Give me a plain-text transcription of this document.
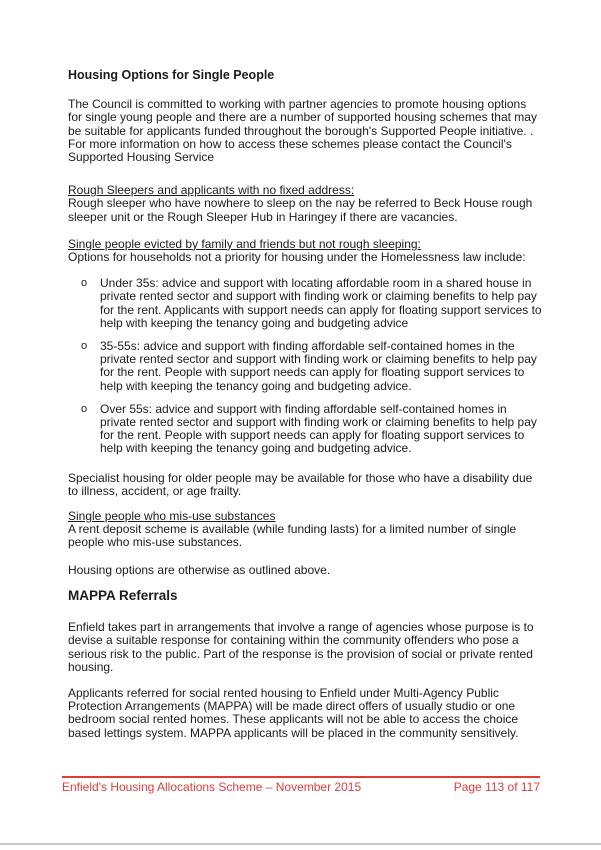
Housing Options for Single People

The Council is committed to working with partner agencies to promote housing options for single young people and there are a number of supported housing schemes that may be suitable for applicants funded throughout the borough's Supported People initiative. . For more information on how to access these schemes please contact the Council's Supported Housing Service

Rough Sleepers and applicants with no fixed address:
Rough sleeper who have nowhere to sleep on the nay be referred to Beck House rough sleeper unit or the Rough Sleeper Hub in Haringey if there are vacancies.
Single people evicted by family and friends but not rough sleeping:
Options for households not a priority for housing under the Homelessness law include:
o	Under 35s: advice and support with locating affordable room in a shared house in private rented sector and support with finding work or claiming benefits to help pay for the rent. Applicants with support needs can apply for floating support services to help with keeping the tenancy going and budgeting advice
o	35-55s: advice and support with finding affordable self-contained homes in the private rented sector and support with finding work or claiming benefits to help pay for the rent. People with support needs can apply for floating support services to help with keeping the tenancy going and budgeting advice.
o	Over 55s: advice and support with finding affordable self-contained homes in private rented sector and support with finding work or claiming benefits to help pay for the rent. People with support needs can apply for floating support services to help with keeping the tenancy going and budgeting advice.

Specialist housing for older people may be available for those who have a disability due to illness, accident, or age frailty.

Single people who mis-use substances
A rent deposit scheme is available (while funding lasts) for a limited number of single people who mis-use substances.

Housing options are otherwise as outlined above.

MAPPA Referrals

Enfield takes part in arrangements that involve a range of agencies whose purpose is to devise a suitable response for containing within the community offenders who pose a serious risk to the public. Part of the response is the provision of social or private rented housing.

Applicants referred for social rented housing to Enfield under Multi-Agency Public Protection Arrangements (MAPPA) will be made direct offers of usually studio or one bedroom social rented homes. These applicants will not be able to access the choice based lettings system. MAPPA applicants will be placed in the community sensitively.

Enfield's Housing Allocations Scheme – November 2015	Page 113 of 117
